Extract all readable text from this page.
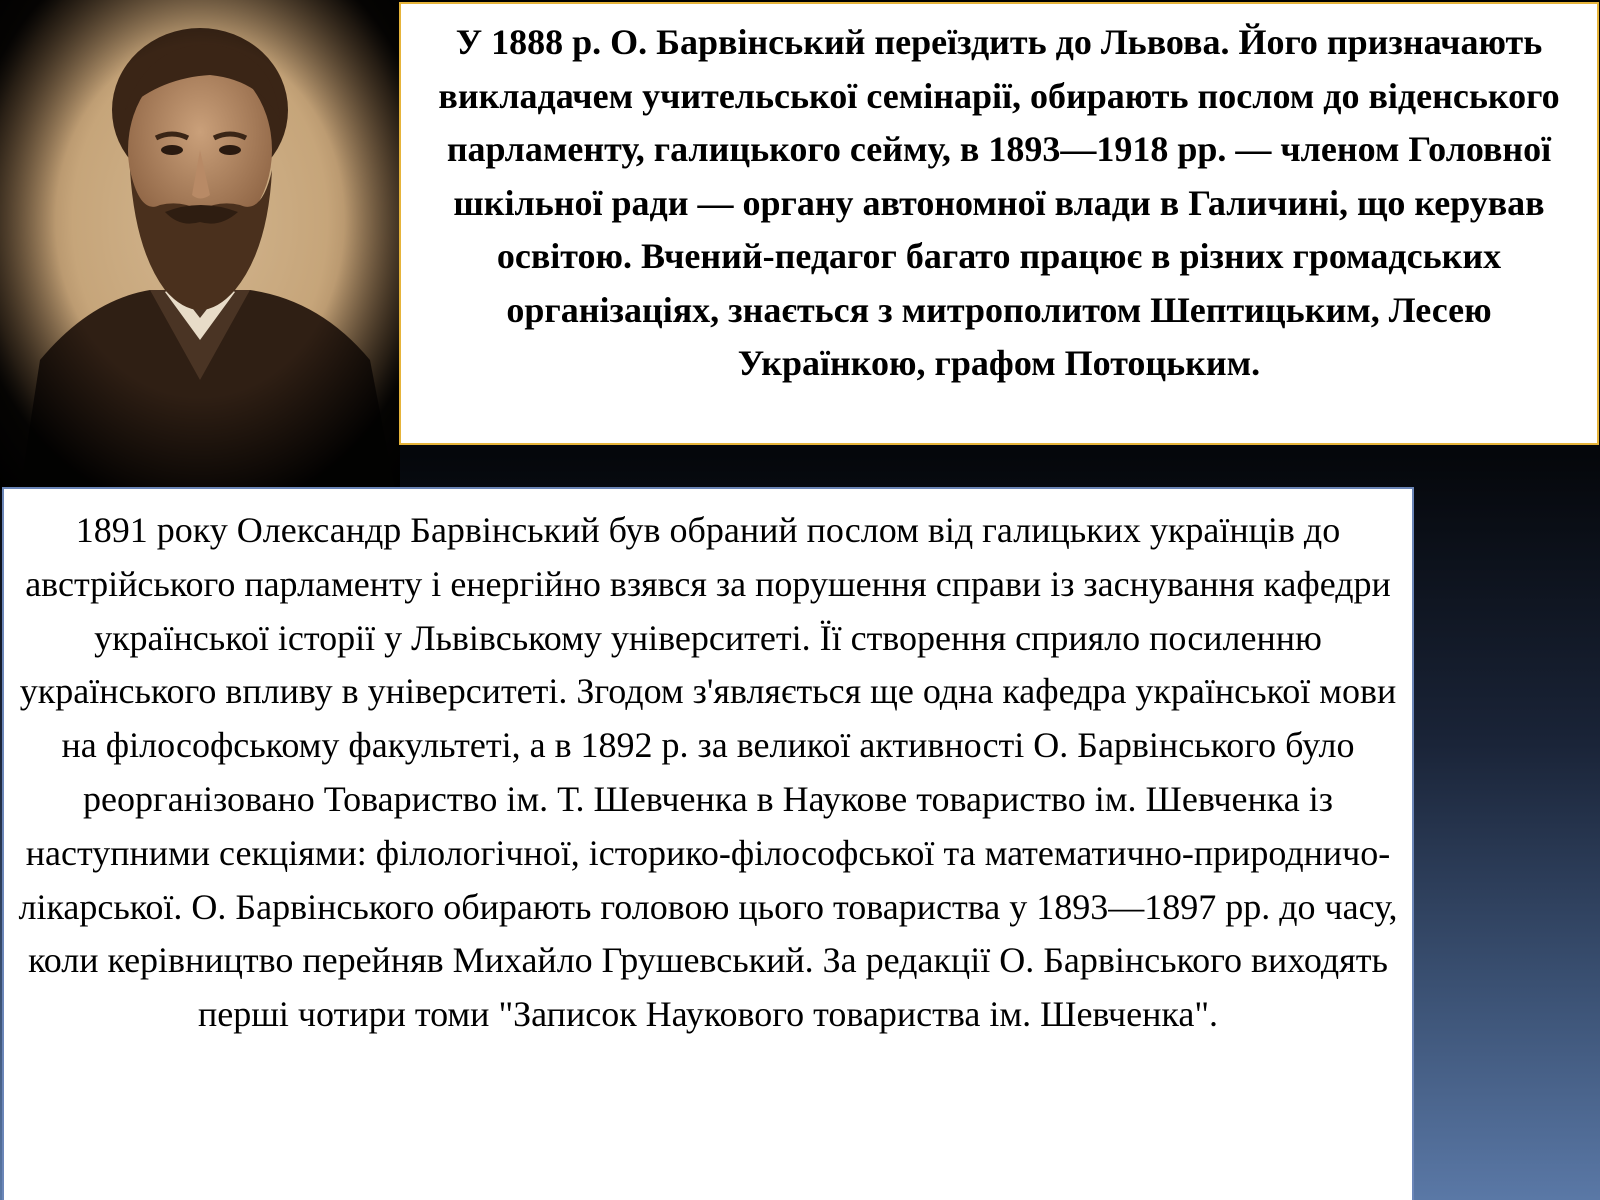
У 1888 р. О. Барвінський переїздить до Львова. Його призначають викладачем учительської семінарії, обирають послом до віденського парламенту, галицького сейму, в 1893—1918 рр. — членом Головної шкільної ради — органу автономної влади в Галичині, що керував освітою. Вчений-педагог багато працює в різних громадських організаціях, знається з митрополитом Шептицьким, Лесею Українкою, графом Потоцьким.

1891 року Олександр Барвінський був обраний послом від галицьких українців до австрійського парламенту і енергійно взявся за порушення справи із заснування кафедри української історії у Львівському університеті. Її створення сприяло посиленню українського впливу в університеті. Згодом з'являється ще одна кафедра української мови на філософському факультеті, а в 1892 р. за великої активності О. Барвінського було реорганізовано Товариство ім. Т. Шевченка в Наукове товариство ім. Шевченка із наступними секціями: філологічної, історико-філософської та математично-природничо-лікарської. О. Барвінського обирають головою цього товариства у 1893—1897 рр. до часу, коли керівництво перейняв Михайло Грушевський. За редакції О. Барвінського виходять перші чотири томи "Записок Наукового товариства ім. Шевченка".
